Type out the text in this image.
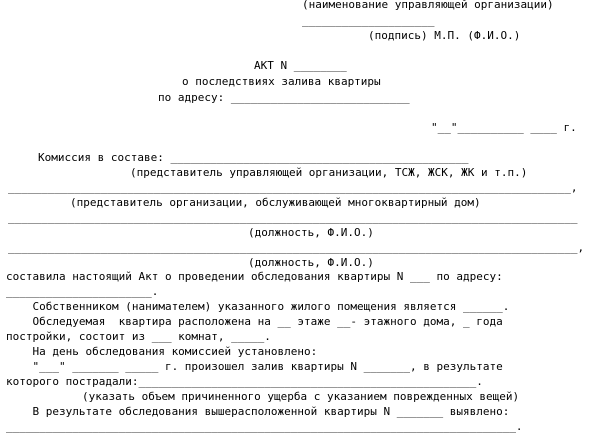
(наименование управляющей организации)
____________________
(подпись) М.П. (Ф.И.О.)
АКТ N ________
о последствиях залива квартиры
по адресу: ___________________________
"__"__________ ____ г.
Комиссия в составе: _____________________________________________
(представитель управляющей организации, ТСЖ, ЖСК, ЖК и т.п.)
_____________________________________________________________________________________,
(представитель организации, обслуживающей многоквартирный дом)
______________________________________________________________________________________
(должность, Ф.И.О.)
______________________________________________________________________________________,
(должность, Ф.И.О.)
составила настоящий Акт о проведении обследования квартиры N ___ по адресу:
______________________.
Собственником (нанимателем) указанного жилого помещения является ______.
Обследуемая  квартира расположена на __ этаже __- этажного дома, _ года
постройки, состоит из ___ комнат, _____.
На день обследования комиссией установлено:
"___" _______ _____ г. произошел залив квартиры N _______, в результате
которого пострадали:___________________________________________________.
(указать объем причиненного ущерба с указанием поврежденных вещей)
В результате обследования вышерасположенной квартиры N _______ выявлено:
_____________________________________________________________________________.
